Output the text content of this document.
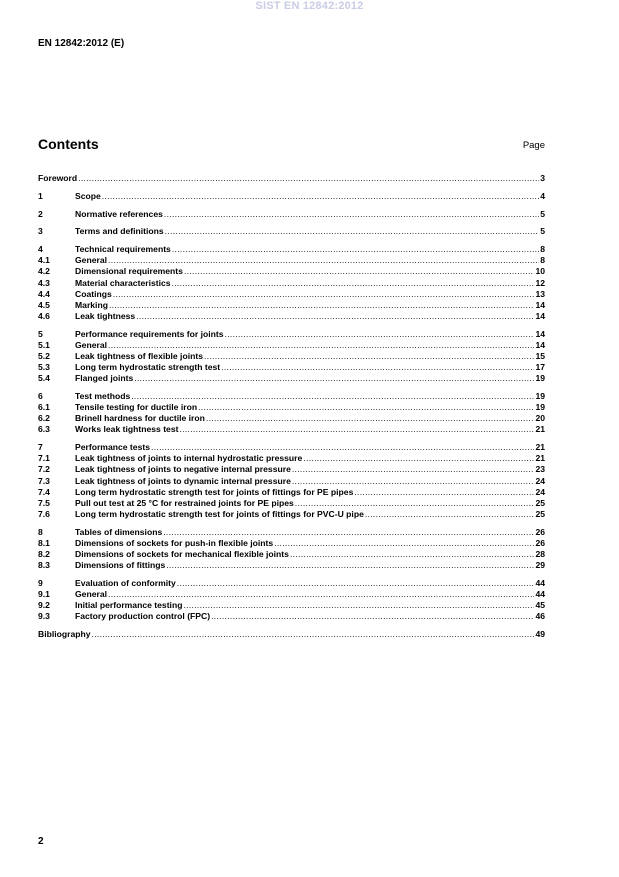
SIST EN 12842:2012
EN 12842:2012 (E)
Contents	Page
Foreword .....	3
1	Scope .....	4
2	Normative references .....	5
3	Terms and definitions .....	5
4	Technical requirements .....	8
4.1	General .....	8
4.2	Dimensional requirements .....	10
4.3	Material characteristics .....	12
4.4	Coatings .....	13
4.5	Marking .....	14
4.6	Leak tightness .....	14
5	Performance requirements for joints .....	14
5.1	General .....	14
5.2	Leak tightness of flexible joints .....	15
5.3	Long term hydrostatic strength test .....	17
5.4	Flanged joints .....	19
6	Test methods .....	19
6.1	Tensile testing for ductile iron .....	19
6.2	Brinell hardness for ductile iron .....	20
6.3	Works leak tightness test .....	21
7	Performance tests .....	21
7.1	Leak tightness of joints to internal hydrostatic pressure .....	21
7.2	Leak tightness of joints to negative internal pressure .....	23
7.3	Leak tightness of joints to dynamic internal pressure .....	24
7.4	Long term hydrostatic strength test for joints of fittings for PE pipes .....	24
7.5	Pull out test at 25 °C for restrained joints for PE pipes .....	25
7.6	Long term hydrostatic strength test for joints of fittings for PVC-U pipe .....	25
8	Tables of dimensions .....	26
8.1	Dimensions of sockets for push-in flexible joints .....	26
8.2	Dimensions of sockets for mechanical flexible joints .....	28
8.3	Dimensions of fittings .....	29
9	Evaluation of conformity .....	44
9.1	General .....	44
9.2	Initial performance testing .....	45
9.3	Factory production control (FPC) .....	46
Bibliography .....	49
2
